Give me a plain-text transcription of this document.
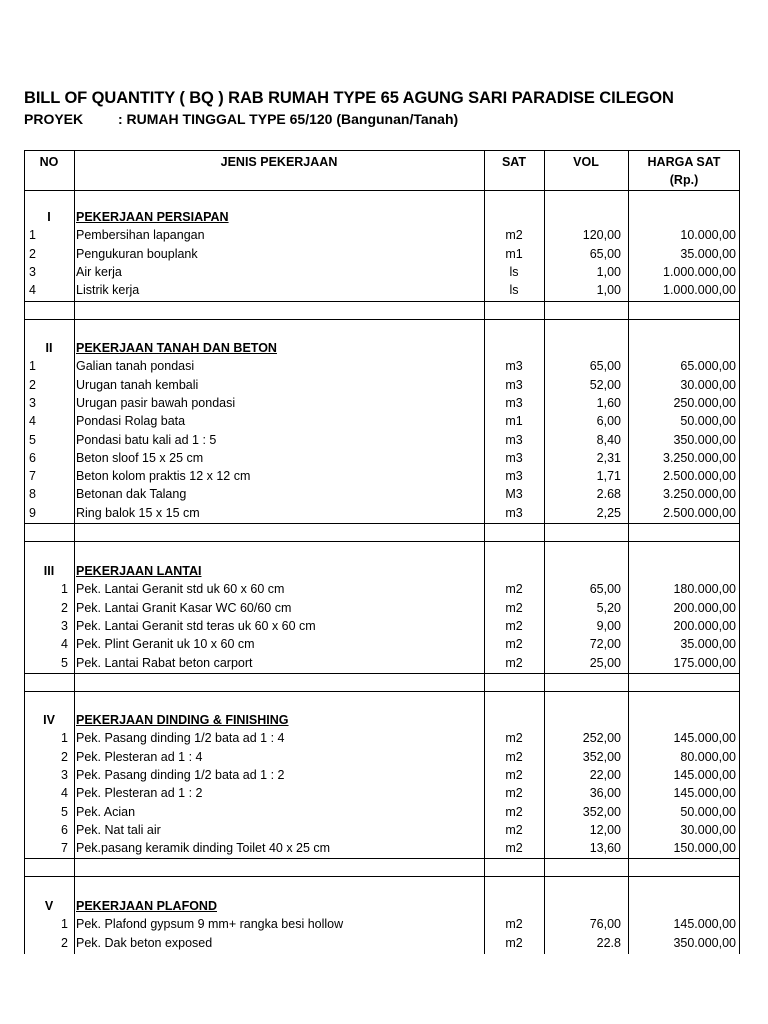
BILL OF QUANTITY ( BQ ) RAB RUMAH TYPE 65 AGUNG SARI PARADISE CILEGON
PROYEK : RUMAH TINGGAL TYPE 65/120 (Bangunan/Tanah)
NO	JENIS PEKERJAAN	SAT	VOL	HARGA SAT
(Rp.)
I	PEKERJAAN PERSIAPAN
1	Pembersihan lapangan	m2	120,00	10.000,00
2	Pengukuran bouplank	m1	65,00	35.000,00
3	Air kerja	ls	1,00	1.000.000,00
4	Listrik kerja	ls	1,00	1.000.000,00
II	PEKERJAAN TANAH DAN BETON
1	Galian tanah pondasi	m3	65,00	65.000,00
2	Urugan tanah kembali	m3	52,00	30.000,00
3	Urugan pasir bawah pondasi	m3	1,60	250.000,00
4	Pondasi Rolag bata	m1	6,00	50.000,00
5	Pondasi batu kali ad 1 : 5	m3	8,40	350.000,00
6	Beton sloof 15 x 25 cm	m3	2,31	3.250.000,00
7	Beton kolom praktis 12 x 12 cm	m3	1,71	2.500.000,00
8	Betonan dak Talang	M3	2.68	3.250.000,00
9	Ring balok 15 x 15 cm	m3	2,25	2.500.000,00
III	PEKERJAAN LANTAI
1 Pek. Lantai Geranit std uk 60 x 60 cm	m2	65,00	180.000,00
2 Pek. Lantai Granit Kasar WC 60/60 cm	m2	5,20	200.000,00
3 Pek. Lantai Geranit std teras uk 60 x 60 cm	m2	9,00	200.000,00
4 Pek. Plint Geranit uk 10 x 60 cm	m2	72,00	35.000,00
5 Pek. Lantai Rabat beton carport	m2	25,00	175.000,00
IV	PEKERJAAN DINDING & FINISHING
1 Pek. Pasang dinding 1/2 bata ad 1 : 4	m2	252,00	145.000,00
2 Pek. Plesteran ad 1 : 4	m2	352,00	80.000,00
3 Pek. Pasang dinding 1/2 bata ad 1 : 2	m2	22,00	145.000,00
4 Pek. Plesteran ad 1 : 2	m2	36,00	145.000,00
5 Pek. Acian	m2	352,00	50.000,00
6 Pek. Nat tali air	m2	12,00	30.000,00
7 Pek.pasang keramik dinding Toilet 40 x 25 cm	m2	13,60	150.000,00
V	PEKERJAAN PLAFOND
1 Pek. Plafond gypsum 9 mm+ rangka besi hollow	m2	76,00	145.000,00
2 Pek. Dak beton exposed	m2	22.8	350.000,00
